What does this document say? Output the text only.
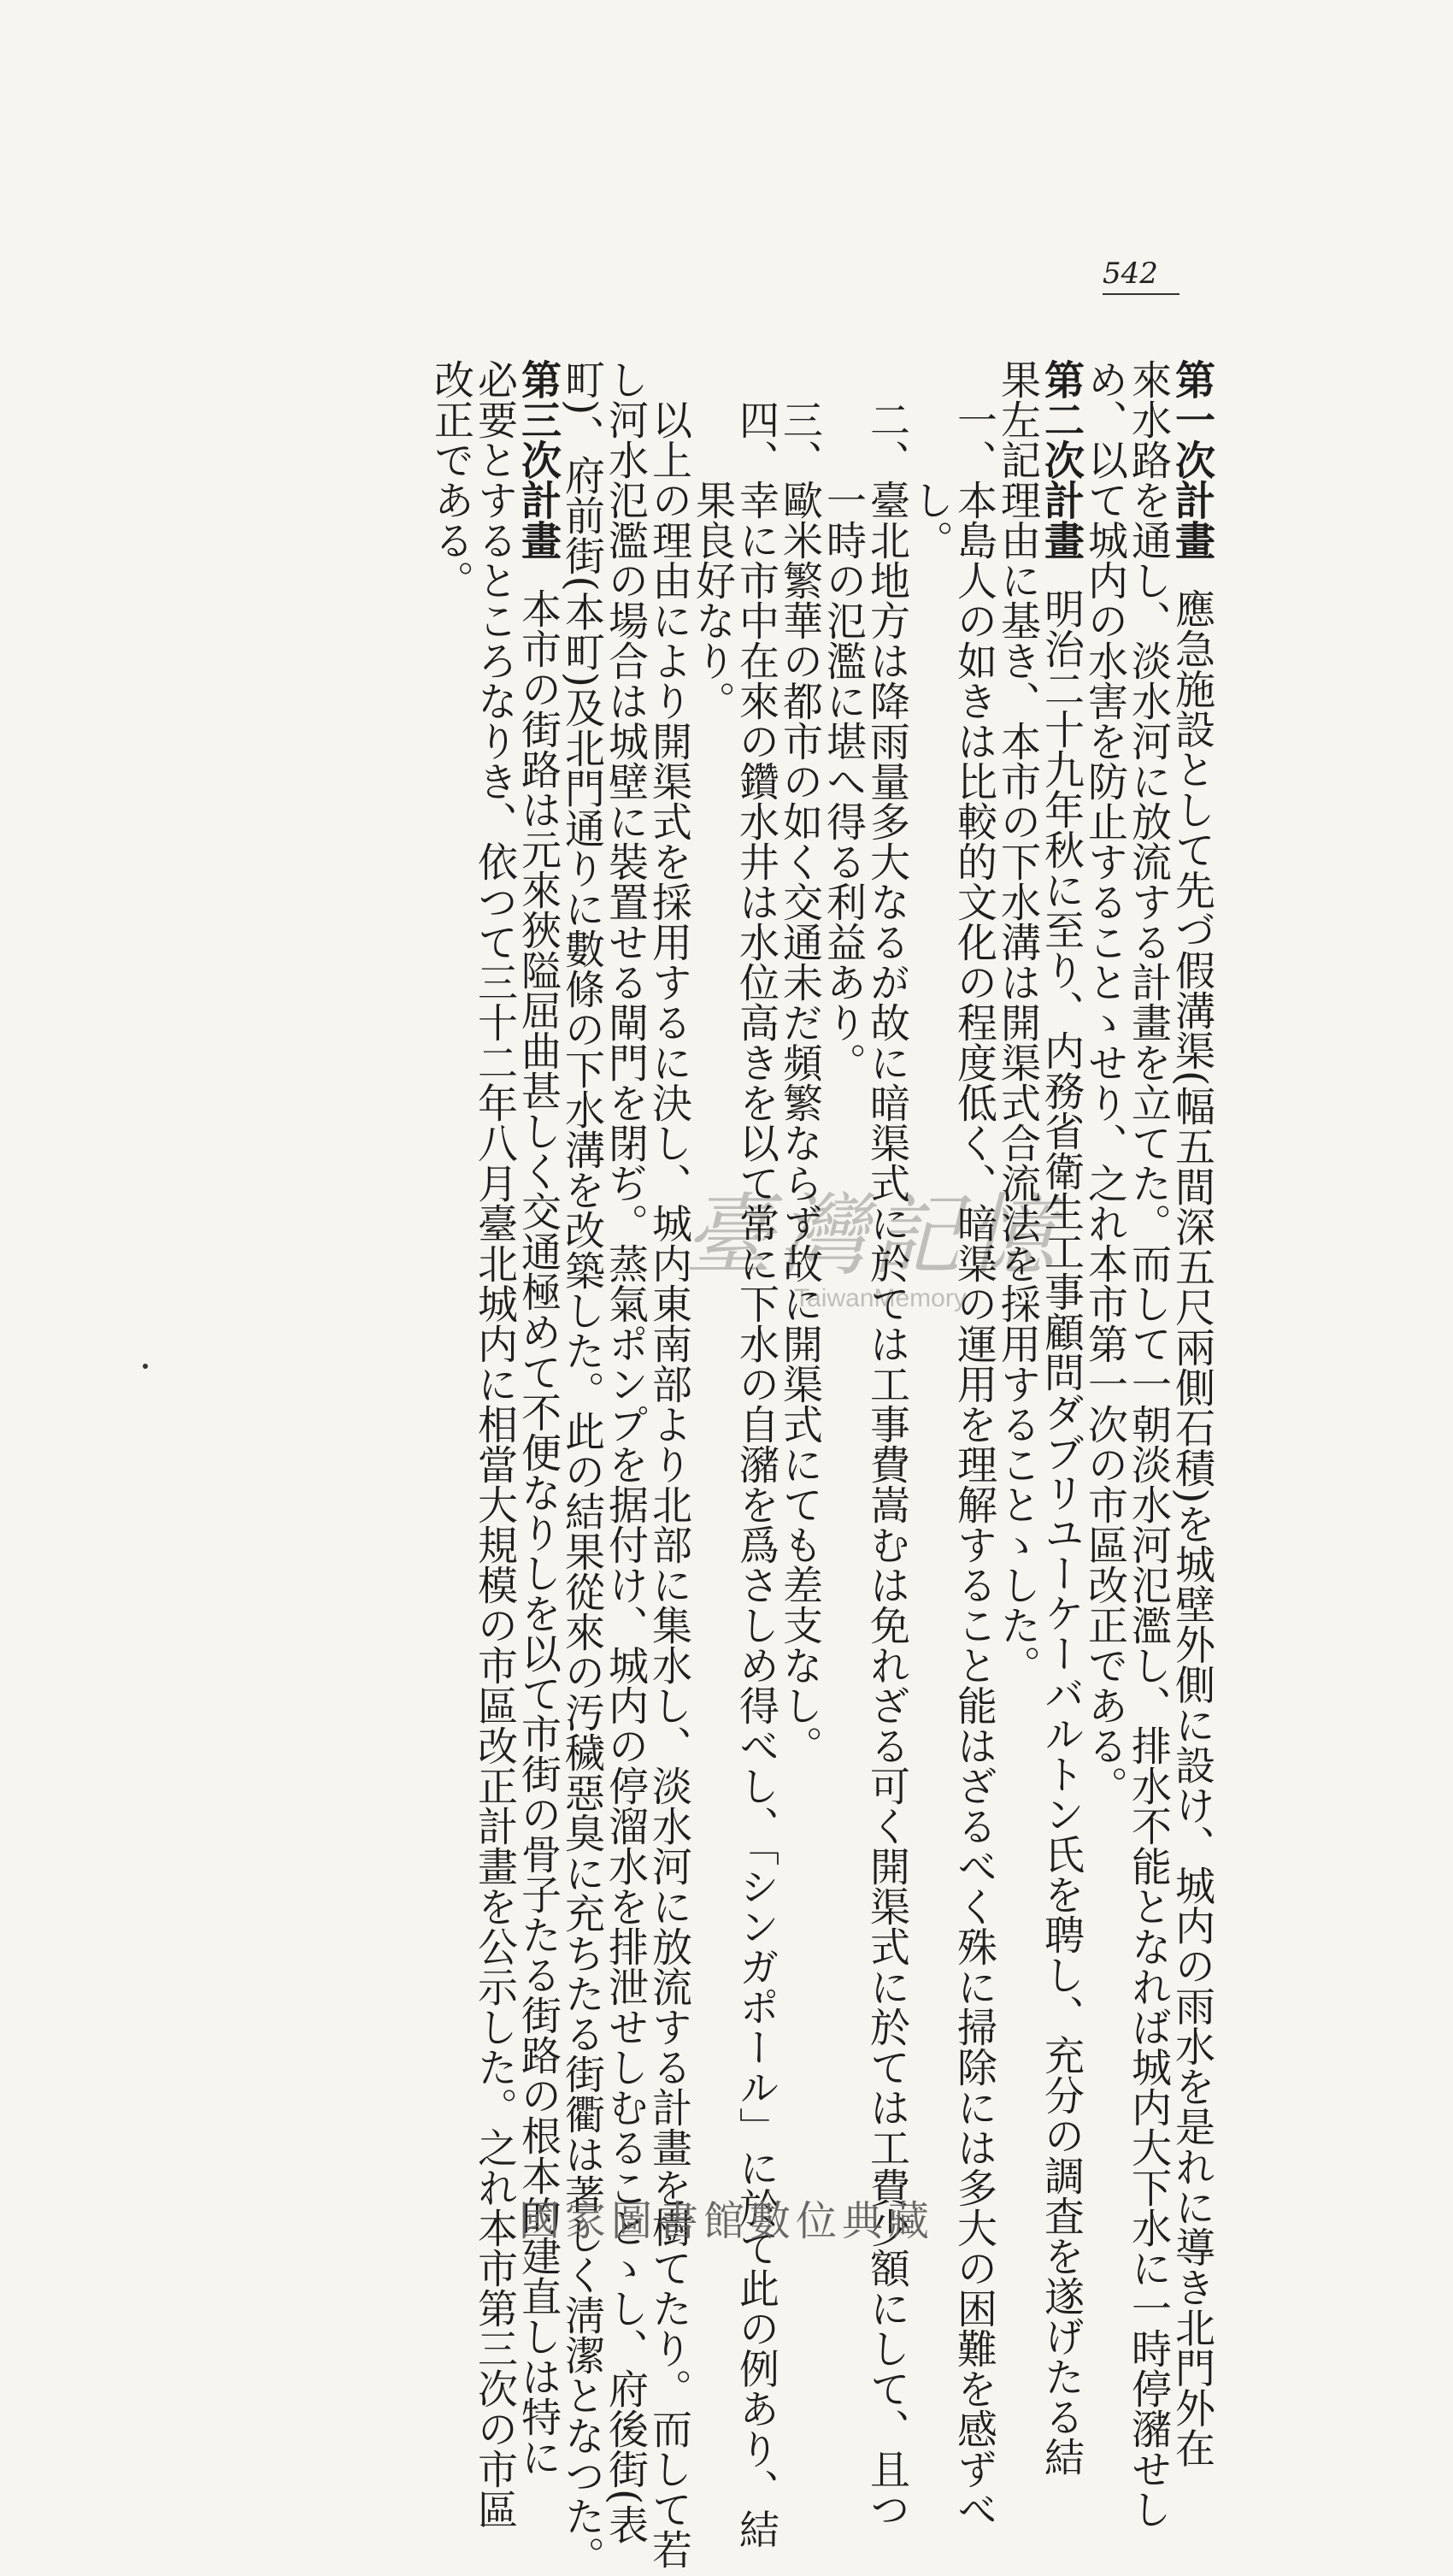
542
第一次計畫應急施設として先づ假溝渠(幅五間深五尺兩側石積)を城壁外側に設け、城内の雨水を是れに導き北門外在
來水路を通し、淡水河に放流する計畫を立てた。而して一朝淡水河氾濫し、排水不能となれば城内大下水に一時停瀦せし
め、以て城内の水害を防止することゝせり、之れ本市第一次の市區改正である。
第二次計畫明治二十九年秋に至り、内務省衛生工事顧問ダブリユーケーバルトン氏を聘し、充分の調査を遂げたる結
果左記理由に基き、本市の下水溝は開渠式合流法を採用することゝした。
一、本島人の如きは比較的文化の程度低く、暗渠の運用を理解すること能はざるべく殊に掃除には多大の困難を感ずべ
し。
二、臺北地方は降雨量多大なるが故に暗渠式に於ては工事費嵩むは免れざる可く開渠式に於ては工費少額にして、且つ
一時の氾濫に堪へ得る利益あり。
三、歐米繁華の都市の如く交通未だ頻繁ならず故に開渠式にても差支なし。
四、幸に市中在來の鑽水井は水位高きを以て常に下水の自瀦を爲さしめ得べし、「シンガポール」に於て此の例あり、結
果良好なり。
以上の理由により開渠式を採用するに決し、城内東南部より北部に集水し、淡水河に放流する計畫を樹てたり。而して若
し河水氾濫の場合は城壁に裝置せる閘門を閉ぢ。蒸氣ポンプを据付け、城内の停溜水を排泄せしむることゝし、府後街(表
町)、府前街(本町)及北門通りに數條の下水溝を改築した。此の結果從來の汚穢惡臭に充ちたる街衢は著しく淸潔となつた。
第三次計畫本市の街路は元來狹隘屈曲甚しく交通極めて不便なりしを以て市街の骨子たる街路の根本的建直しは特に
必要とするところなりき、依つて三十二年八月臺北城内に相當大規模の市區改正計畫を公示した。之れ本市第三次の市區
改正である。
臺灣記憶
TaiwanMemory
國家圖書館數位典藏
